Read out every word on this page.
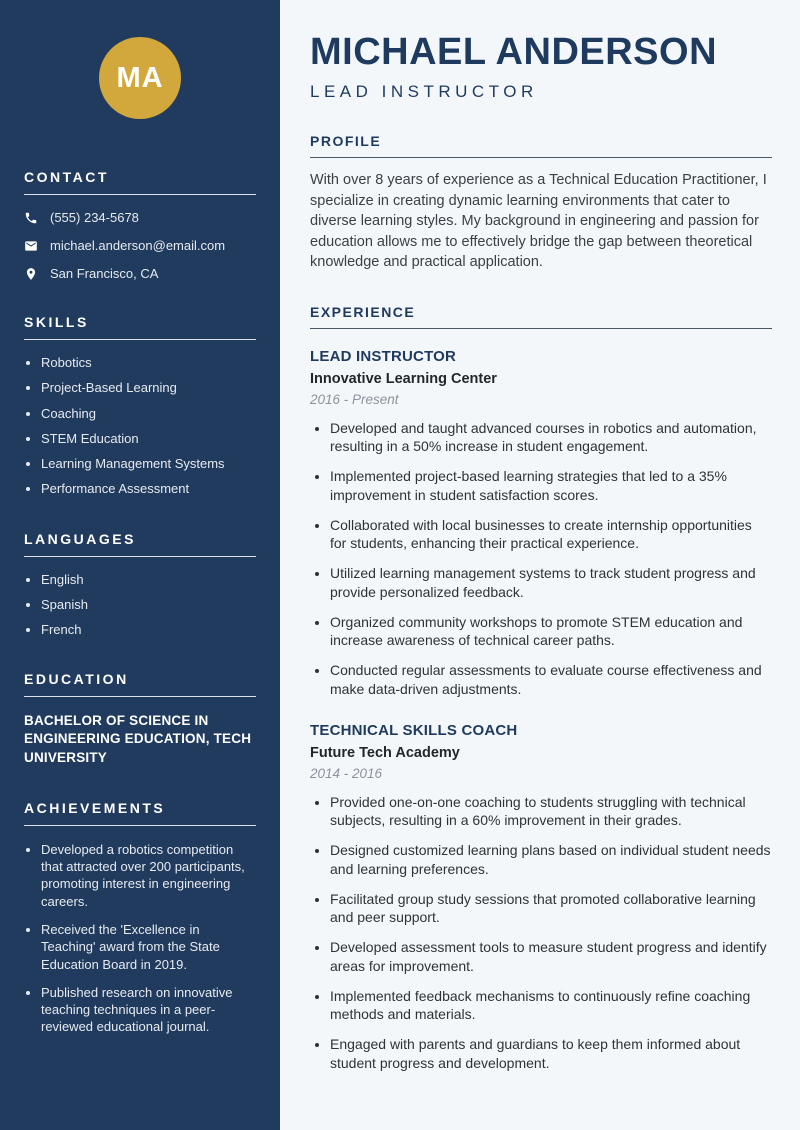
MA
CONTACT
(555) 234-5678
michael.anderson@email.com
San Francisco, CA
SKILLS
• Robotics
• Project-Based Learning
• Coaching
• STEM Education
• Learning Management Systems
• Performance Assessment
LANGUAGES
• English
• Spanish
• French
EDUCATION
BACHELOR OF SCIENCE IN ENGINEERING EDUCATION, TECH UNIVERSITY
ACHIEVEMENTS
• Developed a robotics competition that attracted over 200 participants, promoting interest in engineering careers.
• Received the 'Excellence in Teaching' award from the State Education Board in 2019.
• Published research on innovative teaching techniques in a peer-reviewed educational journal.
MICHAEL ANDERSON
LEAD INSTRUCTOR
PROFILE

With over 8 years of experience as a Technical Education Practitioner, I specialize in creating dynamic learning environments that cater to diverse learning styles. My background in engineering and passion for education allows me to effectively bridge the gap between theoretical knowledge and practical application.

EXPERIENCE
LEAD INSTRUCTOR
Innovative Learning Center
2016 - Present
• Developed and taught advanced courses in robotics and automation, resulting in a 50% increase in student engagement.
• Implemented project-based learning strategies that led to a 35% improvement in student satisfaction scores.
• Collaborated with local businesses to create internship opportunities for students, enhancing their practical experience.
• Utilized learning management systems to track student progress and provide personalized feedback.
• Organized community workshops to promote STEM education and increase awareness of technical career paths.
• Conducted regular assessments to evaluate course effectiveness and make data-driven adjustments.
TECHNICAL SKILLS COACH
Future Tech Academy
2014 - 2016
• Provided one-on-one coaching to students struggling with technical subjects, resulting in a 60% improvement in their grades.
• Designed customized learning plans based on individual student needs and learning preferences.
• Facilitated group study sessions that promoted collaborative learning and peer support.
• Developed assessment tools to measure student progress and identify areas for improvement.
• Implemented feedback mechanisms to continuously refine coaching methods and materials.
• Engaged with parents and guardians to keep them informed about student progress and development.
